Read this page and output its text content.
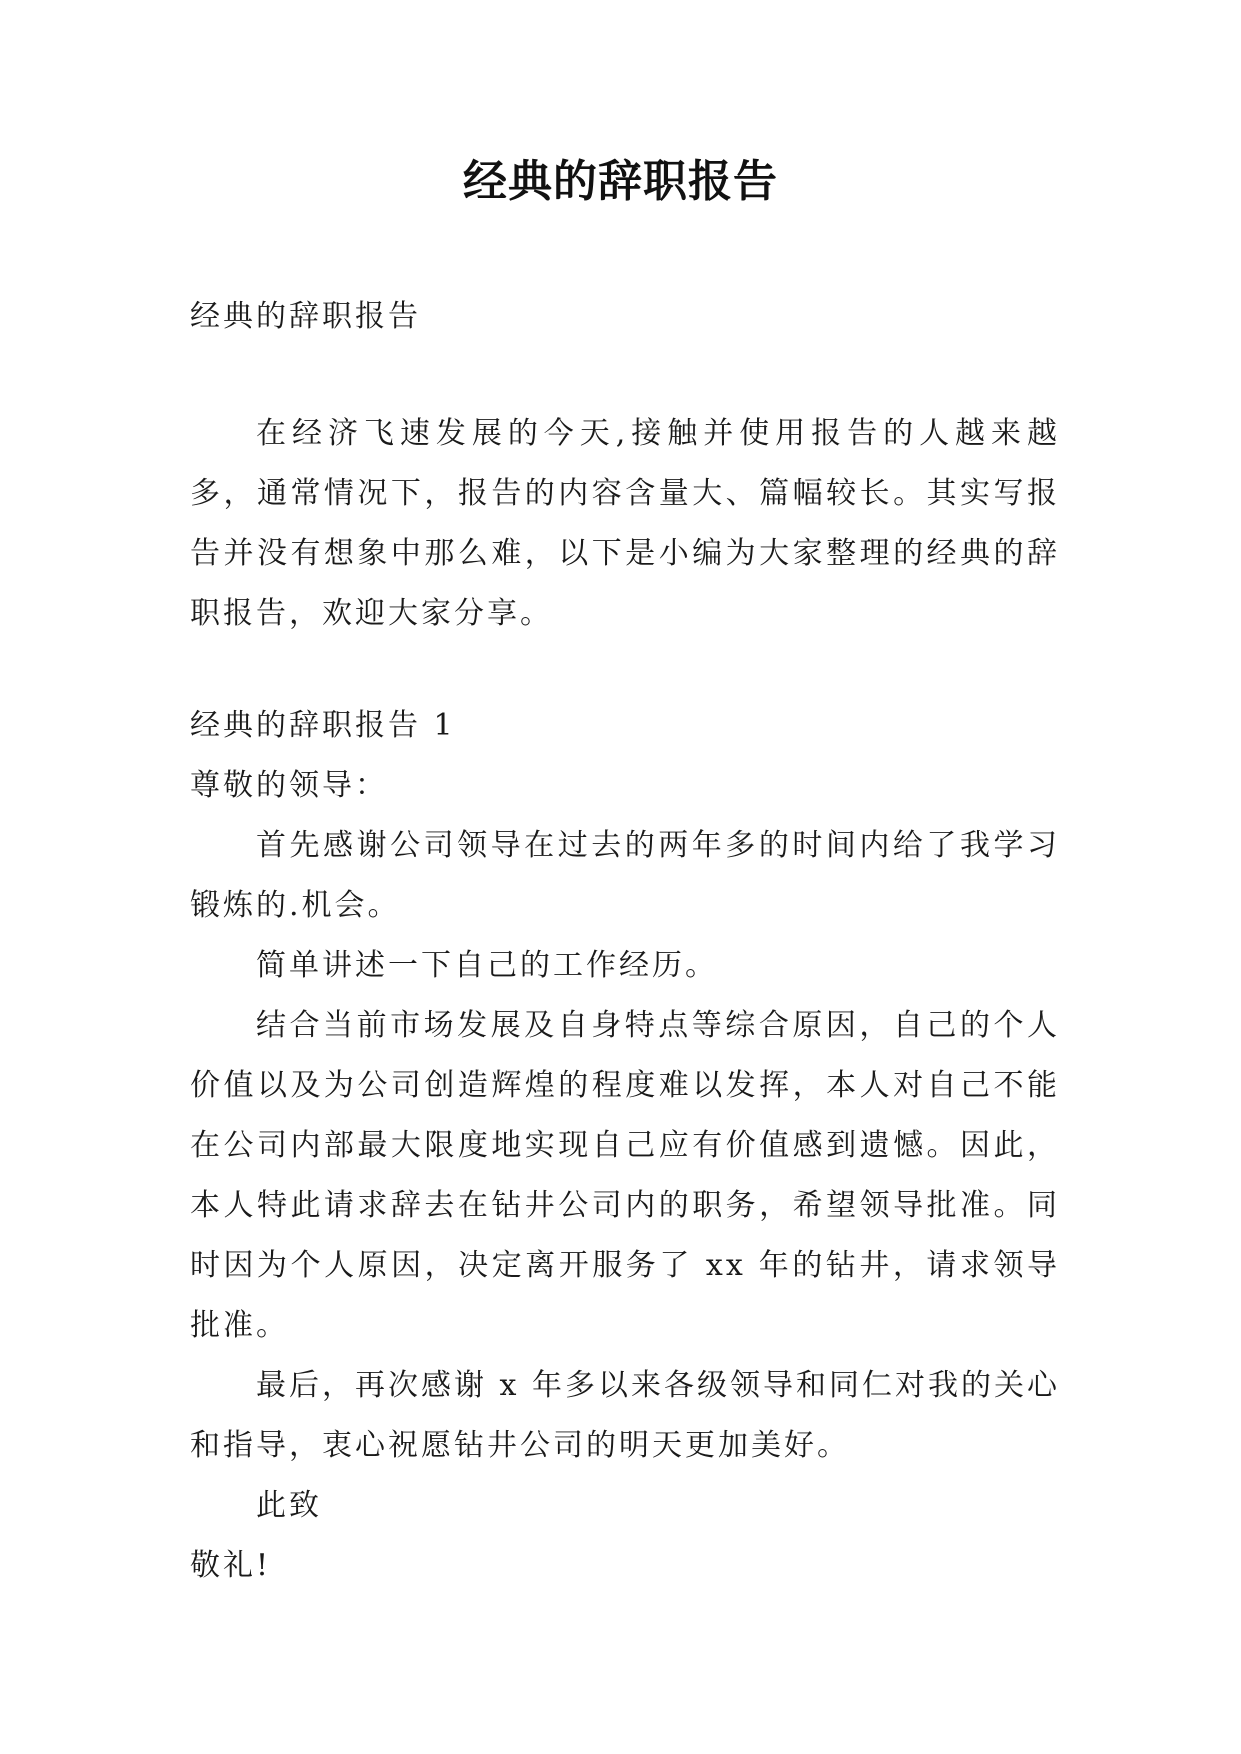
经典的辞职报告

经典的辞职报告

在经济飞速发展的今天,接触并使用报告的人越来越多，通常情况下，报告的内容含量大、篇幅较长。其实写报告并没有想象中那么难，以下是小编为大家整理的经典的辞职报告，欢迎大家分享。

经典的辞职报告 1

尊敬的领导：

首先感谢公司领导在过去的两年多的时间内给了我学习锻炼的.机会。

简单讲述一下自己的工作经历。

结合当前市场发展及自身特点等综合原因，自己的个人价值以及为公司创造辉煌的程度难以发挥，本人对自己不能在公司内部最大限度地实现自己应有价值感到遗憾。因此，本人特此请求辞去在钻井公司内的职务，希望领导批准。同时因为个人原因，决定离开服务了 xx 年的钻井，请求领导批准。

最后，再次感谢 x 年多以来各级领导和同仁对我的关心和指导，衷心祝愿钻井公司的明天更加美好。

此致

敬礼!
